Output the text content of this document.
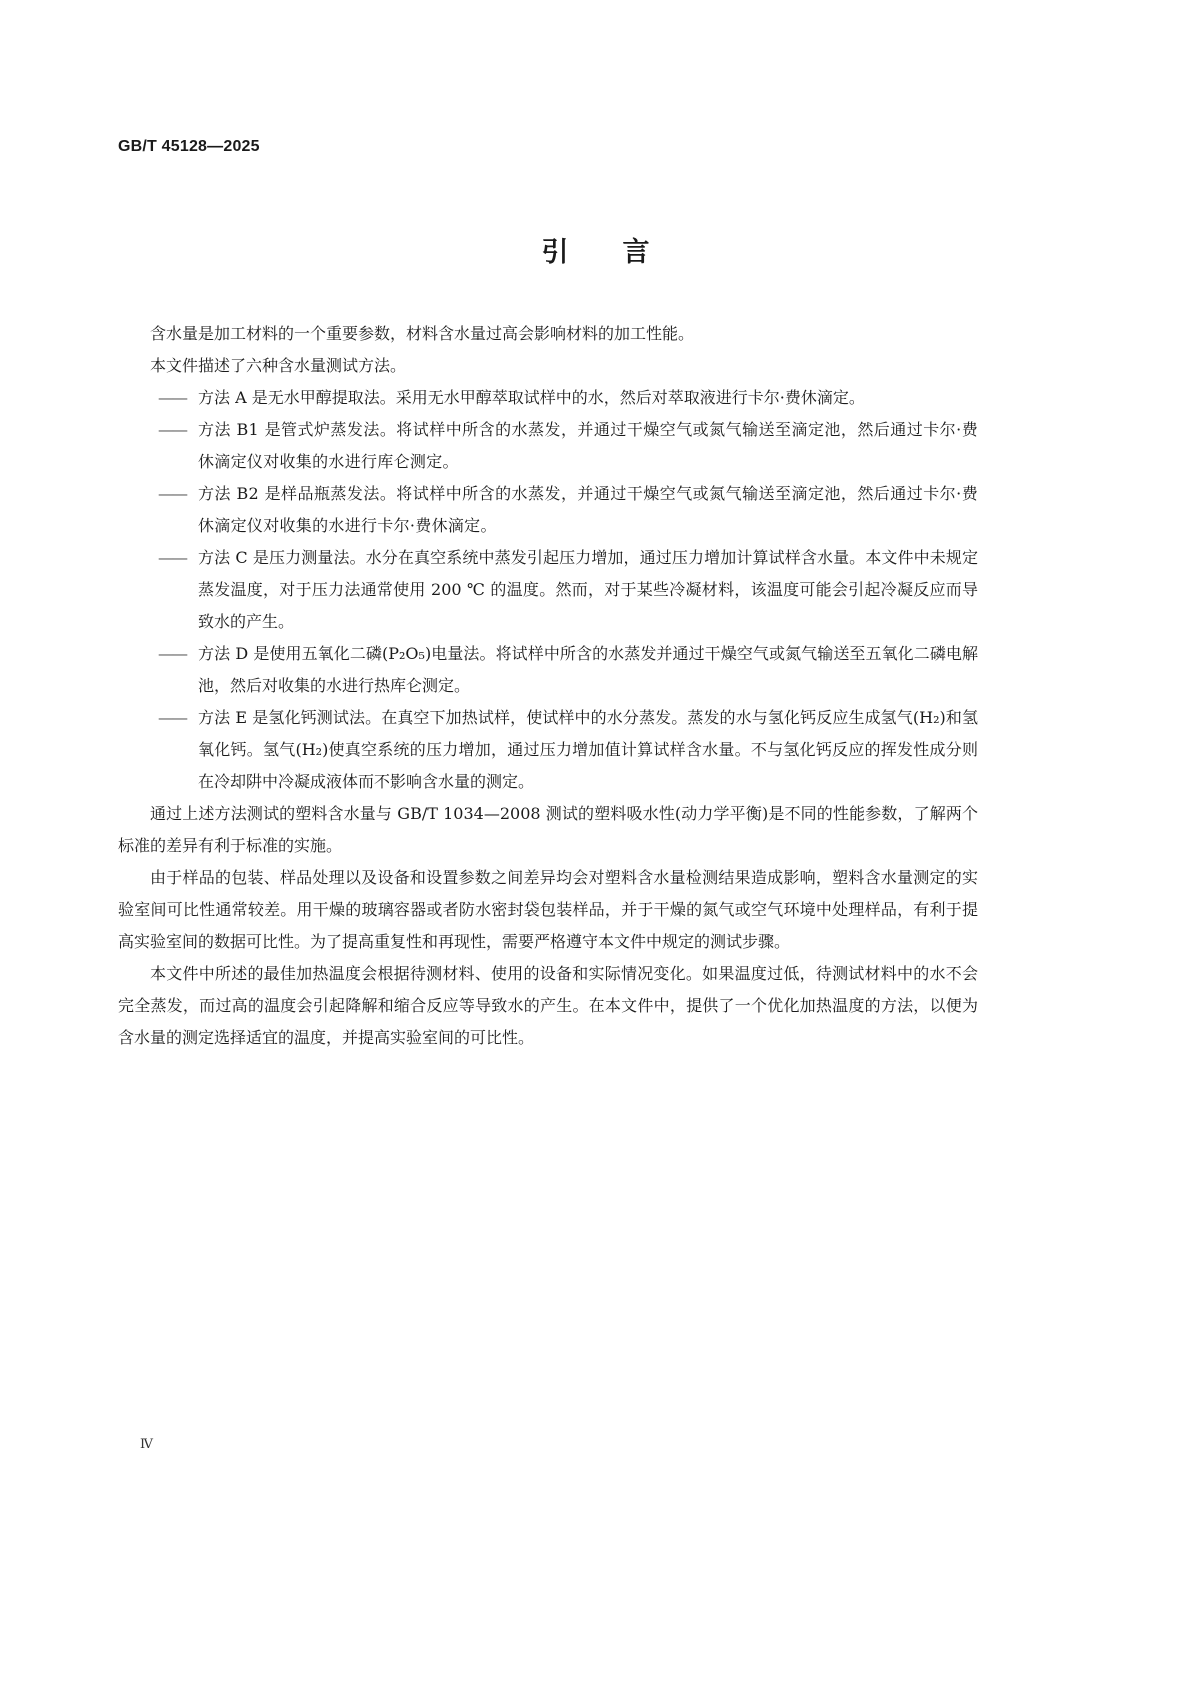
GB/T 45128—2025
引言

含水量是加工材料的一个重要参数，材料含水量过高会影响材料的加工性能。

本文件描述了六种含水量测试方法。

—— 方法 A 是无水甲醇提取法。采用无水甲醇萃取试样中的水，然后对萃取液进行卡尔·费休滴定。
—— 方法 B1 是管式炉蒸发法。将试样中所含的水蒸发，并通过干燥空气或氮气输送至滴定池，然后通过卡尔·费休滴定仪对收集的水进行库仑测定。
—— 方法 B2 是样品瓶蒸发法。将试样中所含的水蒸发，并通过干燥空气或氮气输送至滴定池，然后通过卡尔·费休滴定仪对收集的水进行卡尔·费休滴定。
—— 方法 C 是压力测量法。水分在真空系统中蒸发引起压力增加，通过压力增加计算试样含水量。本文件中未规定蒸发温度，对于压力法通常使用 200 ℃ 的温度。然而，对于某些冷凝材料，该温度可能会引起冷凝反应而导致水的产生。
—— 方法 D 是使用五氧化二磷(P₂O₅)电量法。将试样中所含的水蒸发并通过干燥空气或氮气输送至五氧化二磷电解池，然后对收集的水进行热库仑测定。
—— 方法 E 是氢化钙测试法。在真空下加热试样，使试样中的水分蒸发。蒸发的水与氢化钙反应生成氢气(H₂)和氢氧化钙。氢气(H₂)使真空系统的压力增加，通过压力增加值计算试样含水量。不与氢化钙反应的挥发性成分则在冷却阱中冷凝成液体而不影响含水量的测定。

通过上述方法测试的塑料含水量与 GB/T 1034—2008 测试的塑料吸水性(动力学平衡)是不同的性能参数，了解两个标准的差异有利于标准的实施。

由于样品的包装、样品处理以及设备和设置参数之间差异均会对塑料含水量检测结果造成影响，塑料含水量测定的实验室间可比性通常较差。用干燥的玻璃容器或者防水密封袋包装样品，并于干燥的氮气或空气环境中处理样品，有利于提高实验室间的数据可比性。为了提高重复性和再现性，需要严格遵守本文件中规定的测试步骤。

本文件中所述的最佳加热温度会根据待测材料、使用的设备和实际情况变化。如果温度过低，待测试材料中的水不会完全蒸发，而过高的温度会引起降解和缩合反应等导致水的产生。在本文件中，提供了一个优化加热温度的方法，以便为含水量的测定选择适宜的温度，并提高实验室间的可比性。

Ⅳ
